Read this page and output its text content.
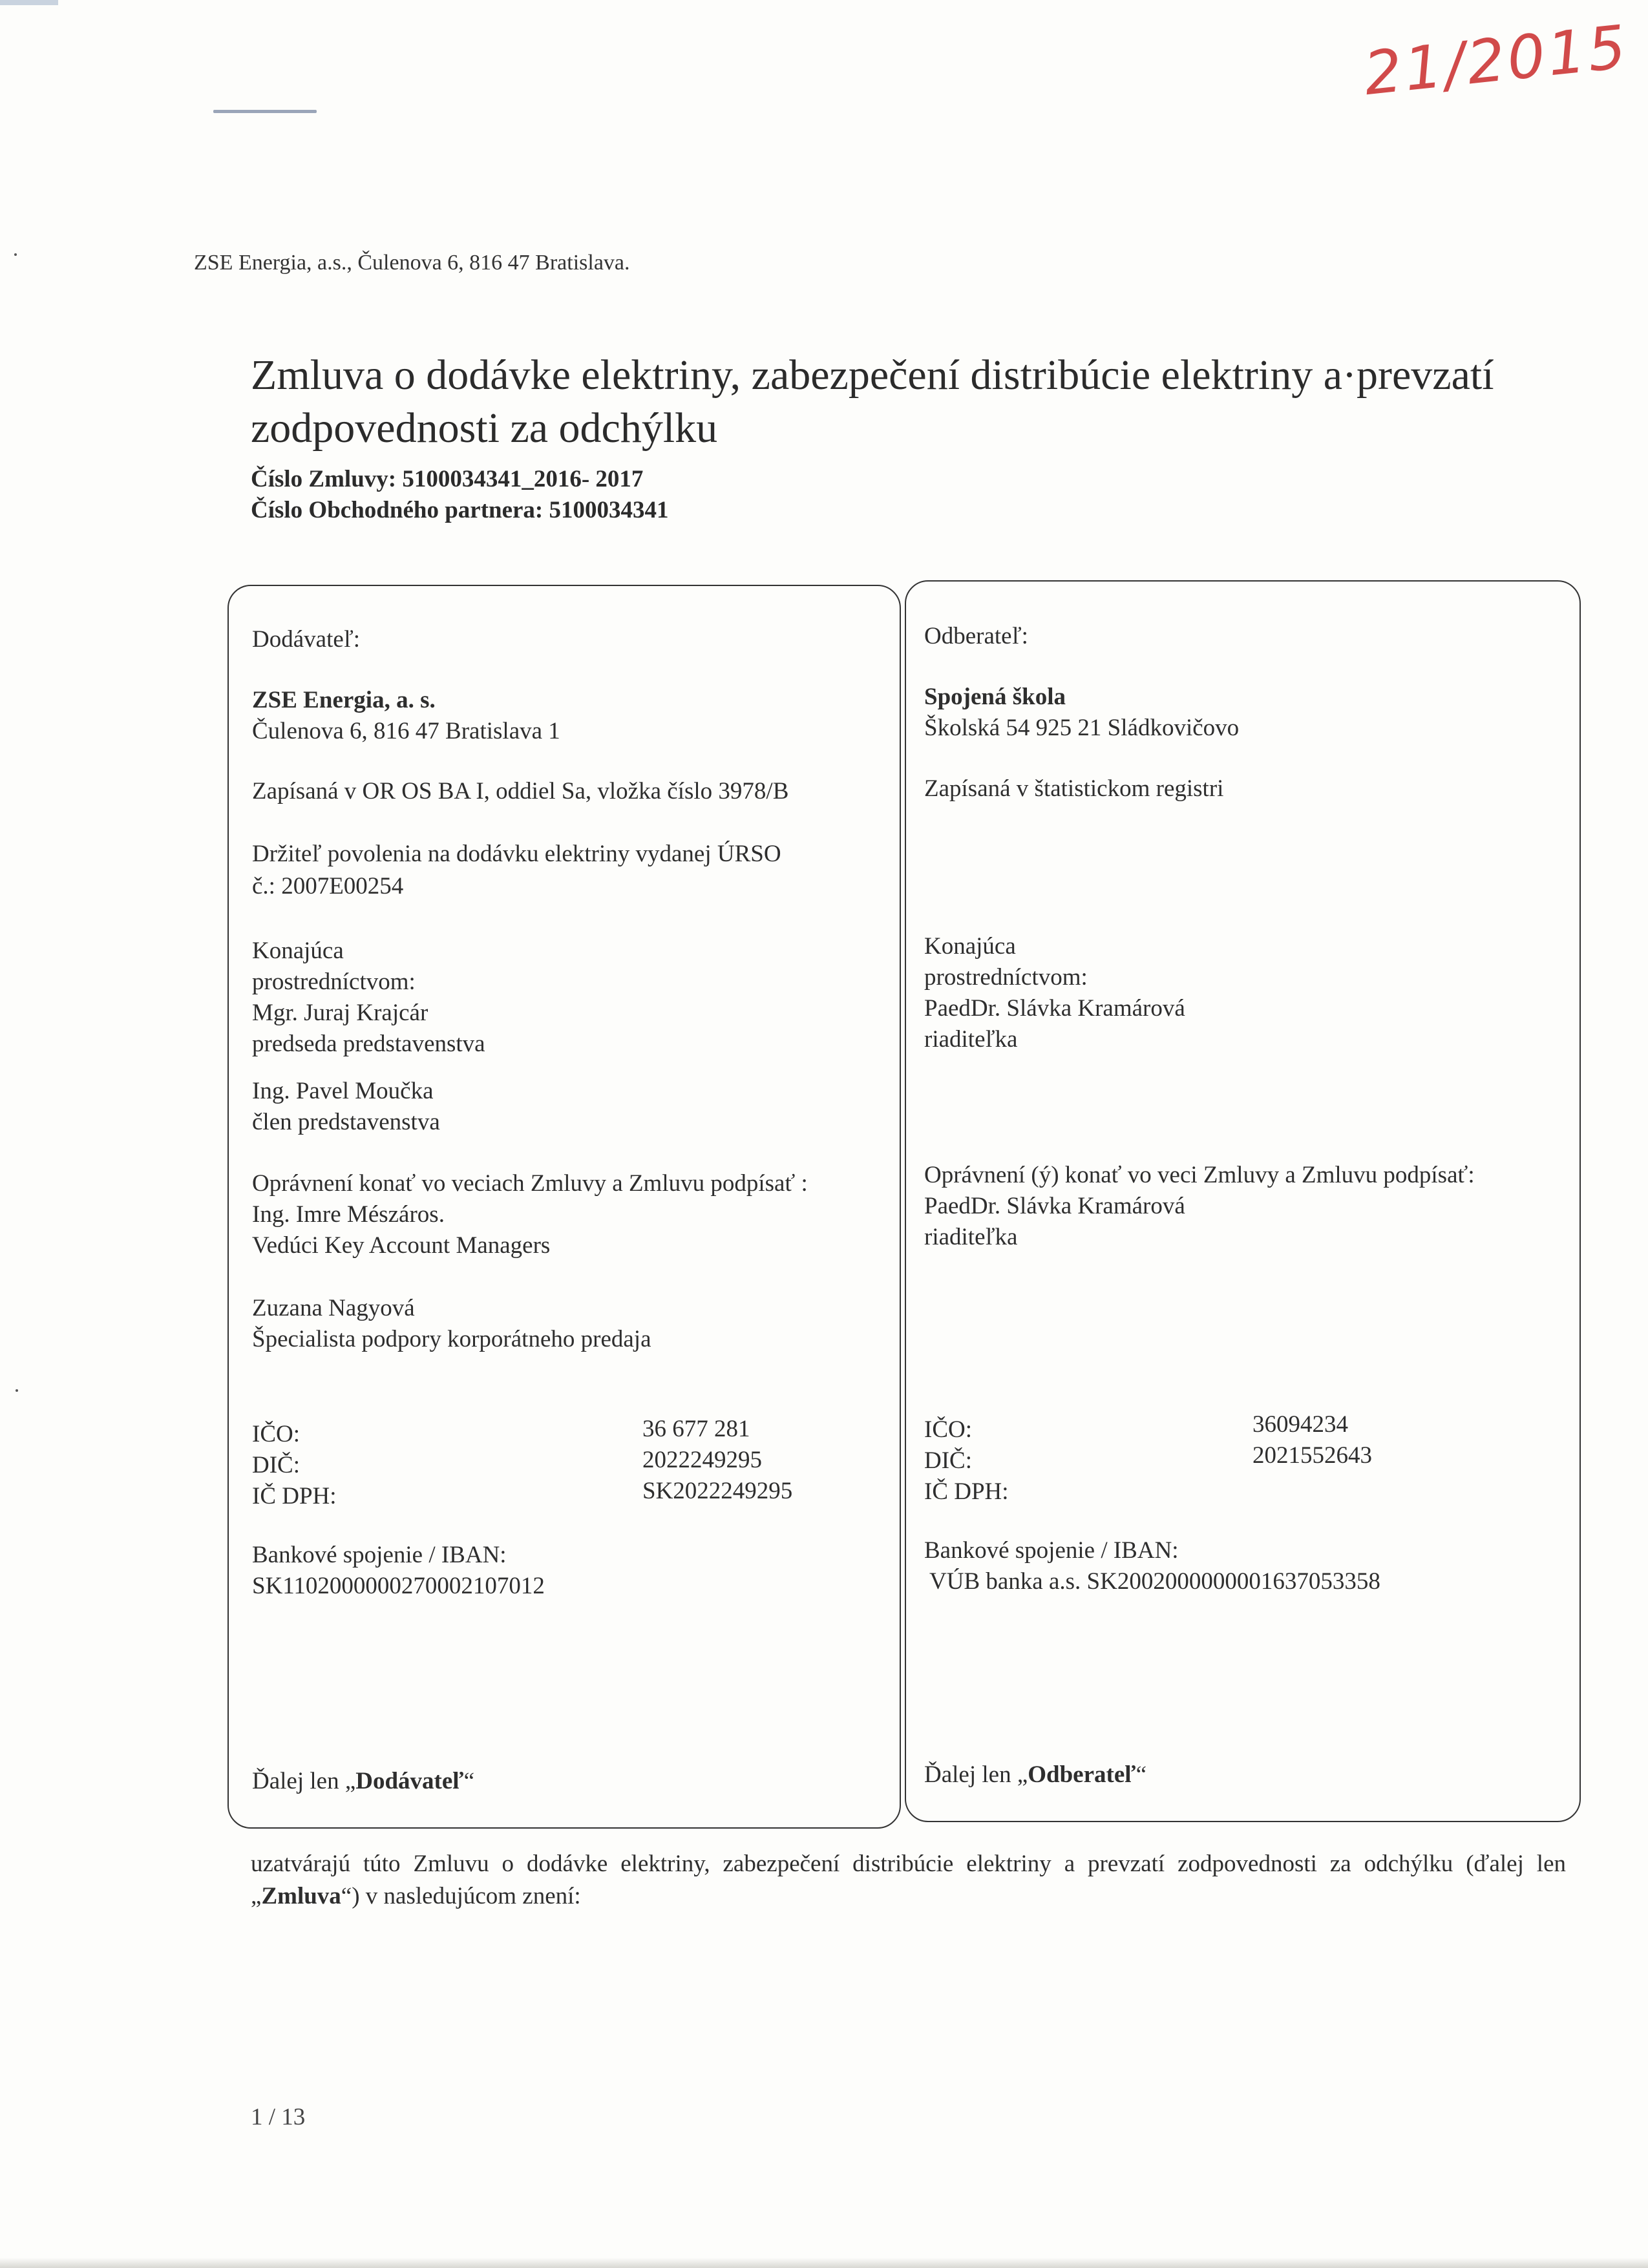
21/2015
ZSE Energia, a.s., Čulenova 6, 816 47 Bratislava.
Zmluva o dodávke elektriny, zabezpečení distribúcie elektriny a·prevzatí zodpovednosti za odchýlku
Číslo Zmluvy: 5100034341_2016- 2017
Číslo Obchodného partnera: 5100034341
Dodávateľ:
ZSE Energia, a. s.
Čulenova 6, 816 47 Bratislava 1
Zapísaná v OR OS BA I, oddiel Sa, vložka číslo 3978/B
Držiteľ povolenia na dodávku elektriny vydanej ÚRSO
č.: 2007E00254
Konajúca
prostredníctvom:
Mgr. Juraj Krajcár
predseda predstavenstva
Ing. Pavel Moučka
člen predstavenstva
Oprávnení konať vo veciach Zmluvy a Zmluvu podpísať :
Ing. Imre Mészáros.
Vedúci Key Account Managers
Zuzana Nagyová
Špecialista podpory korporátneho predaja
IČO:	36 677 281
DIČ:	2022249295
IČ DPH:	SK2022249295
Bankové spojenie / IBAN:
SK1102000000270002107012
Ďalej len „Dodávateľ“
Odberateľ:
Spojená škola
Školská 54 925 21 Sládkovičovo
Zapísaná v štatistickom registri
Konajúca
prostredníctvom:
PaedDr. Slávka Kramárová
riaditeľka
Oprávnení (ý) konať vo veci Zmluvy a Zmluvu podpísať:
PaedDr. Slávka Kramárová
riaditeľka
IČO:	36094234
DIČ:	2021552643
IČ DPH:
Bankové spojenie / IBAN:
VÚB banka a.s. SK2002000000001637053358
Ďalej len „Odberateľ“
uzatvárajú túto Zmluvu o dodávke elektriny, zabezpečení distribúcie elektriny a prevzatí zodpovednosti za odchýlku (ďalej len „Zmluva“) v nasledujúcom znení:
1 / 13
